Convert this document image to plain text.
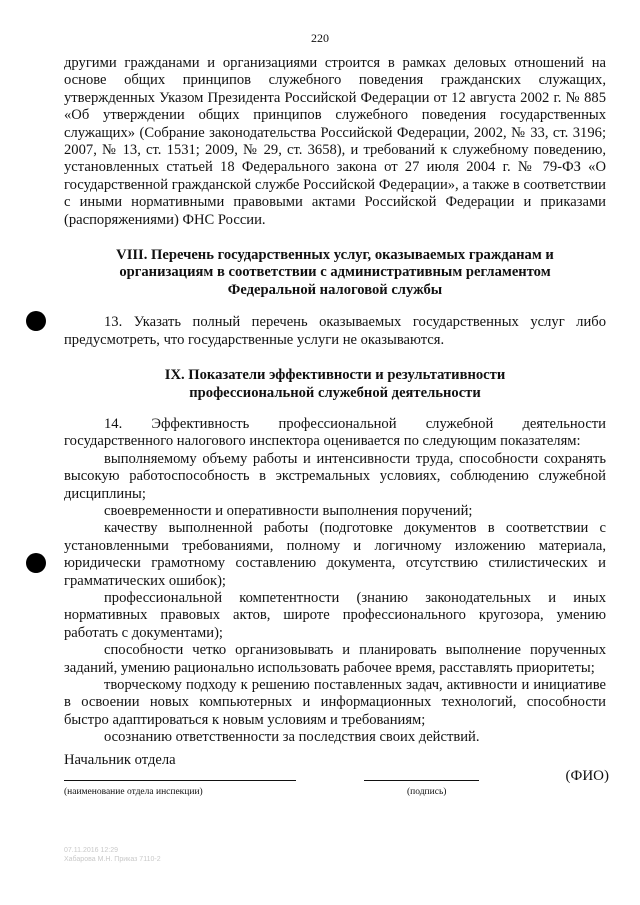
220

другими гражданами и организациями строится в рамках деловых отношений на основе общих принципов служебного поведения гражданских служащих, утвержденных Указом Президента Российской Федерации от 12 августа 2002 г. № 885 «Об утверждении общих принципов служебного поведения государственных служащих» (Собрание законодательства Российской Федерации, 2002, № 33, ст. 3196; 2007, № 13, ст. 1531; 2009, № 29, ст. 3658), и требований к служебному поведению, установленных статьей 18 Федерального закона от 27 июля 2004 г. № 79-ФЗ «О государственной гражданской службе Российской Федерации», а также в соответствии с иными нормативными правовыми актами Российской Федерации и приказами (распоряжениями) ФНС России.

VIII. Перечень государственных услуг, оказываемых гражданам и
организациям в соответствии с административным регламентом
Федеральной налоговой службы

13. Указать полный перечень оказываемых государственных услуг либо предусмотреть, что государственные услуги не оказываются.

IX. Показатели эффективности и результативности
профессиональной служебной деятельности

14. Эффективность профессиональной служебной деятельности государственного налогового инспектора оценивается по следующим показателям:

выполняемому объему работы и интенсивности труда, способности сохранять высокую работоспособность в экстремальных условиях, соблюдению служебной дисциплины;

своевременности и оперативности выполнения поручений;

качеству выполненной работы (подготовке документов в соответствии с установленными требованиями, полному и логичному изложению материала, юридически грамотному составлению документа, отсутствию стилистических и грамматических ошибок);

профессиональной компетентности (знанию законодательных и иных нормативных правовых актов, широте профессионального кругозора, умению работать с документами);

способности четко организовывать и планировать выполнение порученных заданий, умению рационально использовать рабочее время, расставлять приоритеты;

творческому подходу к решению поставленных задач, активности и инициативе в освоении новых компьютерных и информационных технологий, способности быстро адаптироваться к новым условиям и требованиям;

осознанию ответственности за последствия своих действий.

Начальник отдела
(ФИО)
(наименование отдела инспекции)	(подпись)
07.11.2016 12:29
Хабарова М.Н. Приказ 7110-2
